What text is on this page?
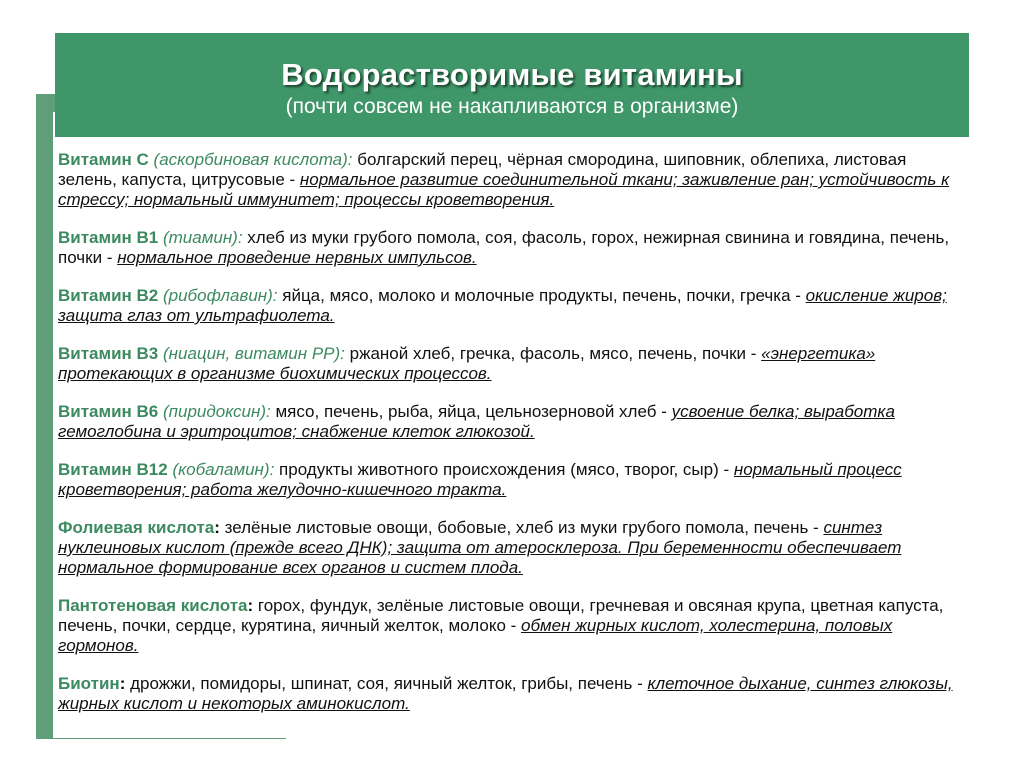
Водорастворимые витамины
(почти совсем не накапливаются в организме)
Витамин С (аскорбиновая кислота): болгарский перец, чёрная смородина, шиповник, облепиха, листовая зелень, капуста, цитрусовые - нормальное развитие соединительной ткани; заживление ран; устойчивость к стрессу; нормальный иммунитет; процессы кроветворения.
Витамин В1 (тиамин): хлеб из муки грубого помола, соя, фасоль, горох, нежирная свинина и говядина, печень, почки - нормальное проведение нервных импульсов.
Витамин В2 (рибофлавин): яйца, мясо, молоко и молочные продукты, печень, почки, гречка - окисление жиров; защита глаз от ультрафиолета.
Витамин В3 (ниацин, витамин РР): ржаной хлеб, гречка, фасоль, мясо, печень, почки - «энергетика» протекающих в организме биохимических процессов.
Витамин В6 (пиридоксин): мясо, печень, рыба, яйца, цельнозерновой хлеб - усвоение белка; выработка гемоглобина и эритроцитов; снабжение клеток глюкозой.
Витамин В12 (кобаламин): продукты животного происхождения (мясо, творог, сыр) - нормальный процесс кроветворения; работа желудочно-кишечного тракта.
Фолиевая кислота: зелёные листовые овощи, бобовые, хлеб из муки грубого помола, печень - синтез нуклеиновых кислот (прежде всего ДНК); защита от атеросклероза. При беременности обеспечивает нормальное формирование всех органов и систем плода.
Пантотеновая кислота: горох, фундук, зелёные листовые овощи, гречневая и овсяная крупа, цветная капуста, печень, почки, сердце, курятина, яичный желток, молоко - обмен жирных кислот, холестерина, половых гормонов.
Биотин: дрожжи, помидоры, шпинат, соя, яичный желток, грибы, печень - клеточное дыхание, синтез глюкозы, жирных кислот и некоторых аминокислот.
